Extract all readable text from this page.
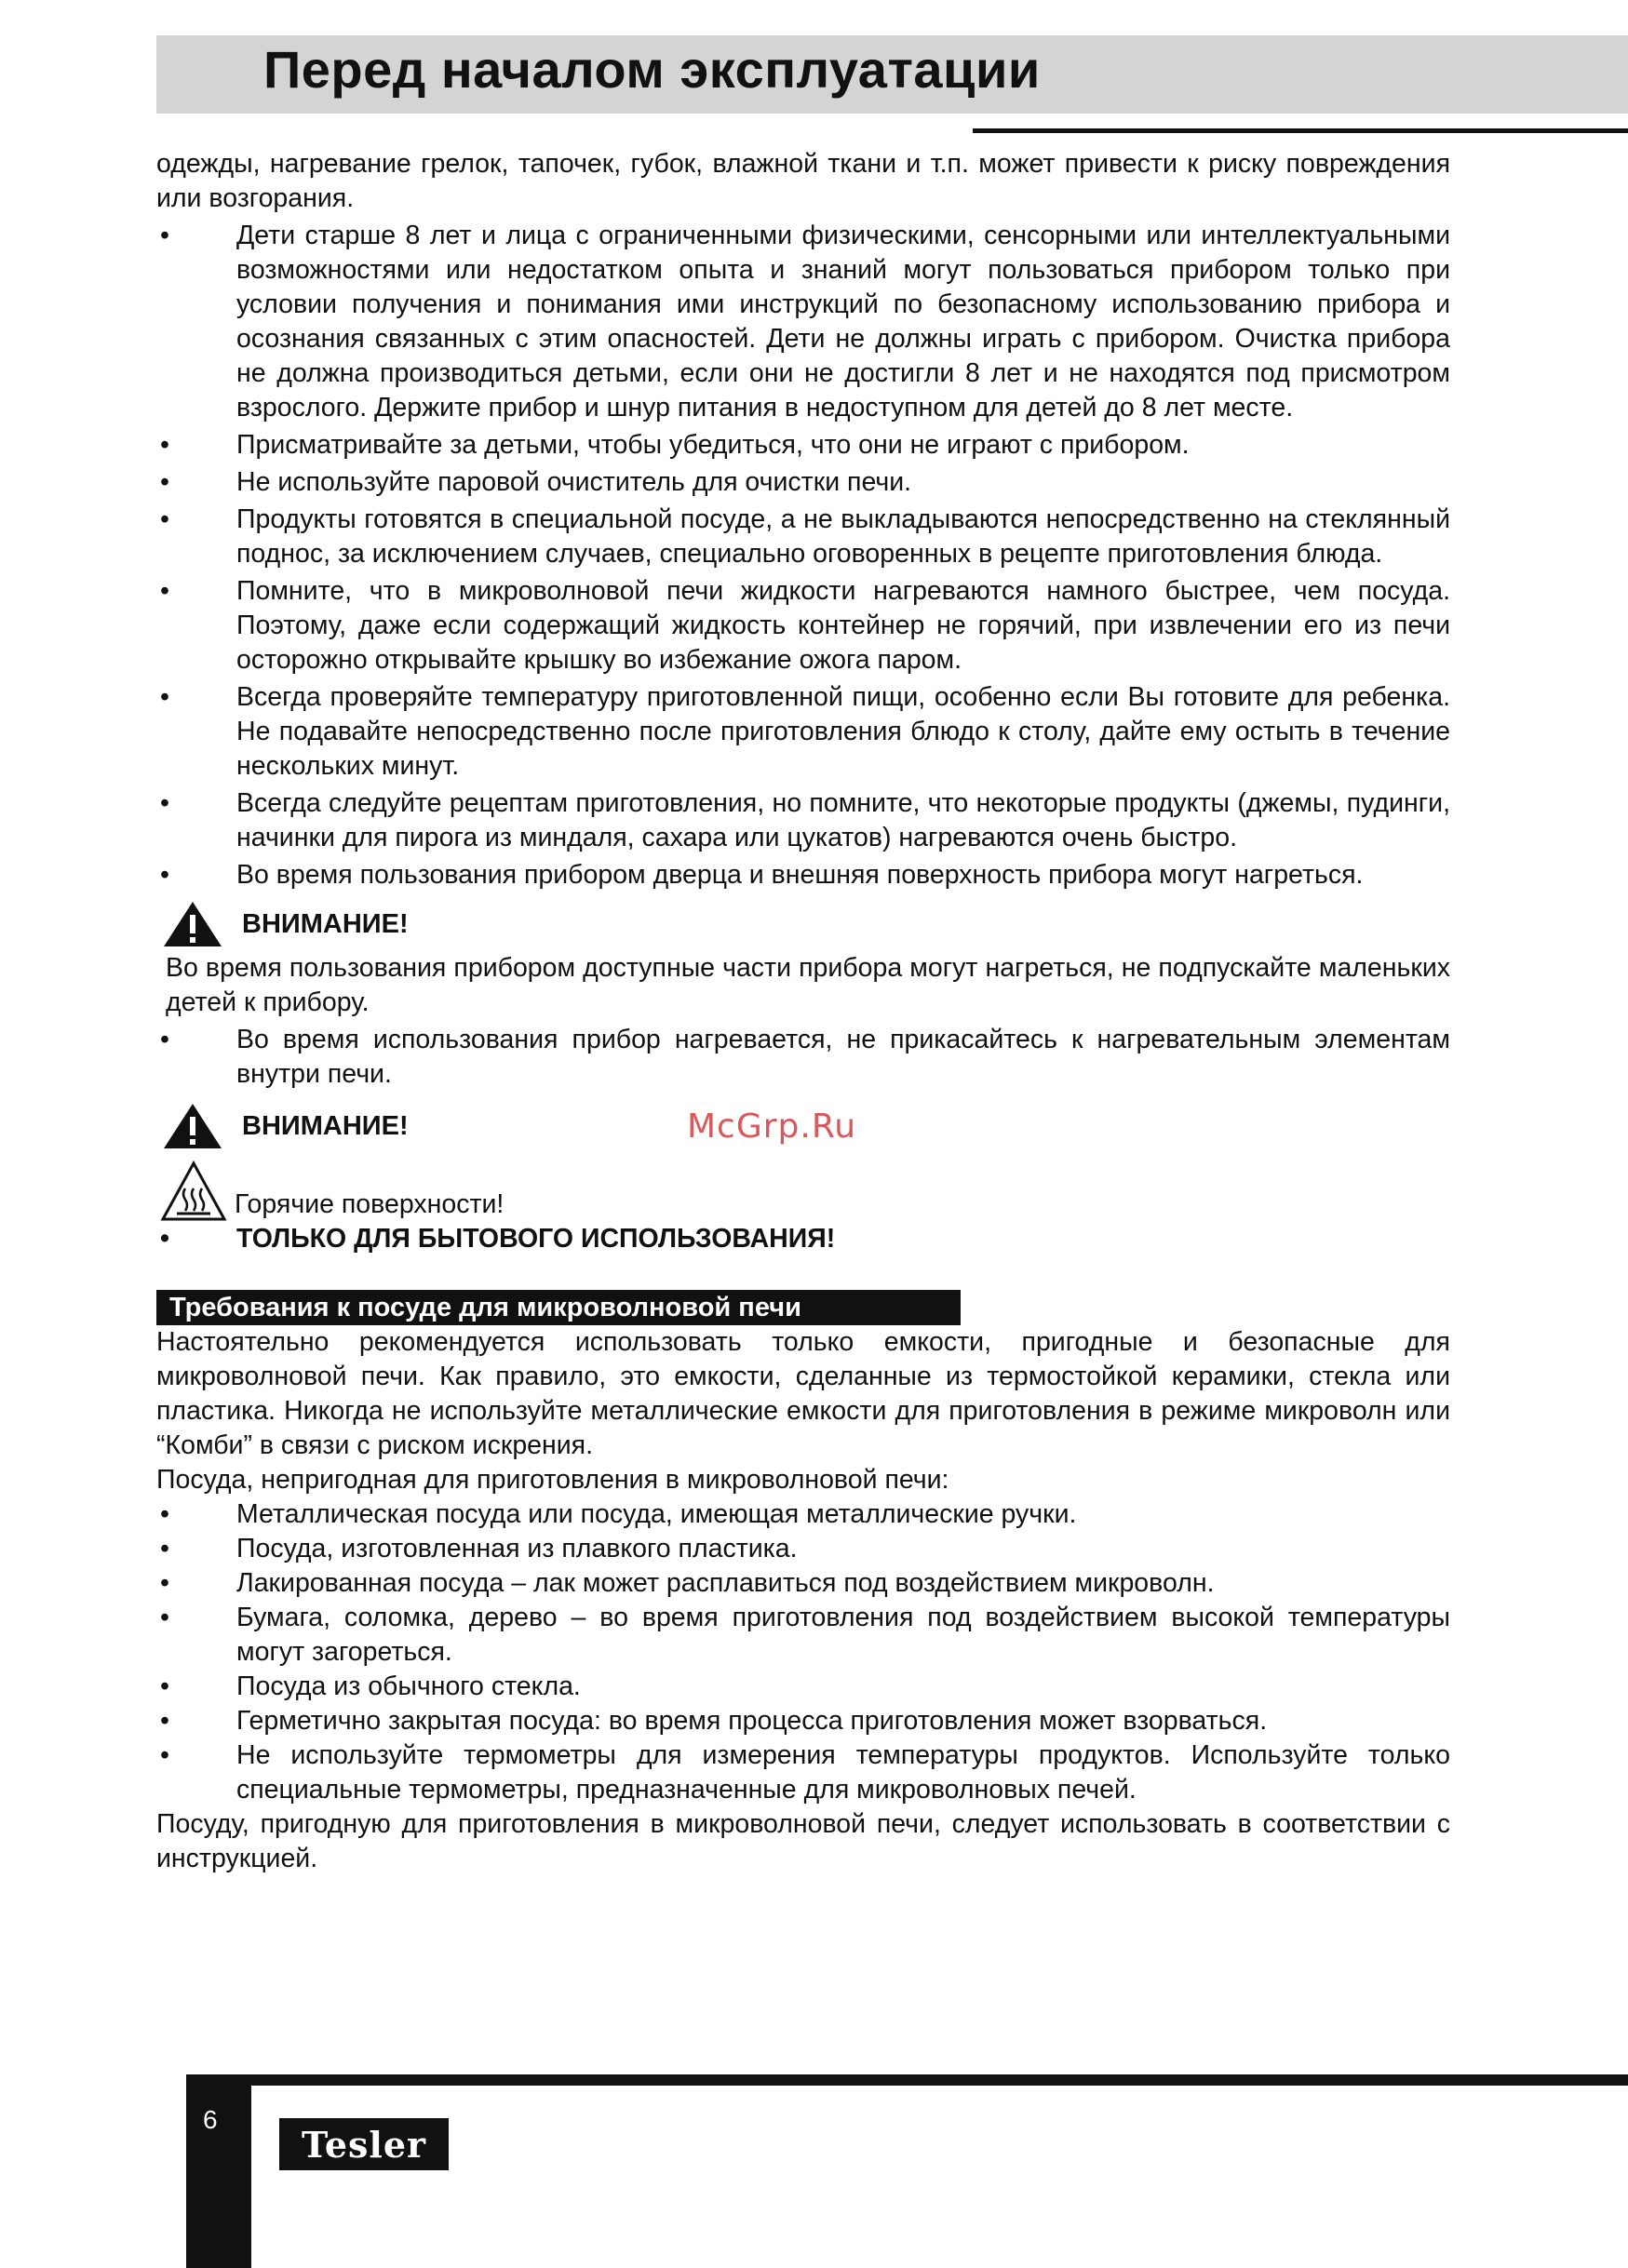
Перед началом эксплуатации

одежды, нагревание грелок, тапочек, губок, влажной ткани и т.п. может привести к риску повреждения или возгорания.

•	Дети старше 8 лет и лица с ограниченными физическими, сенсорными или интеллектуальными возможностями или недостатком опыта и знаний могут пользоваться прибором только при условии получения и понимания ими инструкций по безопасному использованию прибора и осознания связанных с этим опасностей. Дети не должны играть с прибором. Очистка прибора не должна производиться детьми, если они не достигли 8 лет и не находятся под присмотром взрослого. Держите прибор и шнур питания в недоступном для детей до 8 лет месте.
•	Присматривайте за детьми, чтобы убедиться, что они не играют с прибором.
•	Не используйте паровой очиститель для очистки печи.
•	Продукты готовятся в специальной посуде, а не выкладываются непосредственно на стеклянный поднос, за исключением случаев, специально оговоренных в рецепте приготовления блюда.
•	Помните, что в микроволновой печи жидкости нагреваются намного быстрее, чем посуда. Поэтому, даже если содержащий жидкость контейнер не горячий, при извлечении его из печи осторожно открывайте крышку во избежание ожога паром.
•	Всегда проверяйте температуру приготовленной пищи, особенно если Вы готовите для ребенка. Не подавайте непосредственно после приготовления блюдо к столу, дайте ему остыть в течение нескольких минут.
•	Всегда следуйте рецептам приготовления, но помните, что некоторые продукты (джемы, пудинги, начинки для пирога из миндаля, сахара или цукатов) нагреваются очень быстро.
•	Во время пользования прибором дверца и внешняя поверхность прибора могут нагреться.
ВНИМАНИЕ!

Во время пользования прибором доступные части прибора могут нагреться, не подпускайте маленьких детей к прибору.

•	Во время использования прибор нагревается, не прикасайтесь к нагревательным элементам внутри печи.
ВНИМАНИЕ!
Горячие поверхности!
•	ТОЛЬКО ДЛЯ БЫТОВОГО ИСПОЛЬЗОВАНИЯ!
Требования к посуде для микроволновой печи

Настоятельно рекомендуется использовать только емкости, пригодные и безопасные для микроволновой печи. Как правило, это емкости, сделанные из термостойкой керамики, стекла или пластика. Никогда не используйте металлические емкости для приготовления в режиме микроволн или “Комби” в связи с риском искрения.

Посуда, непригодная для приготовления в микроволновой печи:

•	Металлическая посуда или посуда, имеющая металлические ручки.
•	Посуда, изготовленная из плавкого пластика.
•	Лакированная посуда – лак может расплавиться под воздействием микроволн.
•	Бумага, соломка, дерево – во время приготовления под воздействием высокой температуры могут загореться.
•	Посуда из обычного стекла.
•	Герметично закрытая посуда: во время процесса приготовления может взорваться.
•	Не используйте термометры для измерения температуры продуктов. Используйте только специальные термометры, предназначенные для микроволновых печей.

Посуду, пригодную для приготовления в микроволновой печи, следует использовать в соответствии с инструкцией.

McGrp.Ru
6
Tesler
